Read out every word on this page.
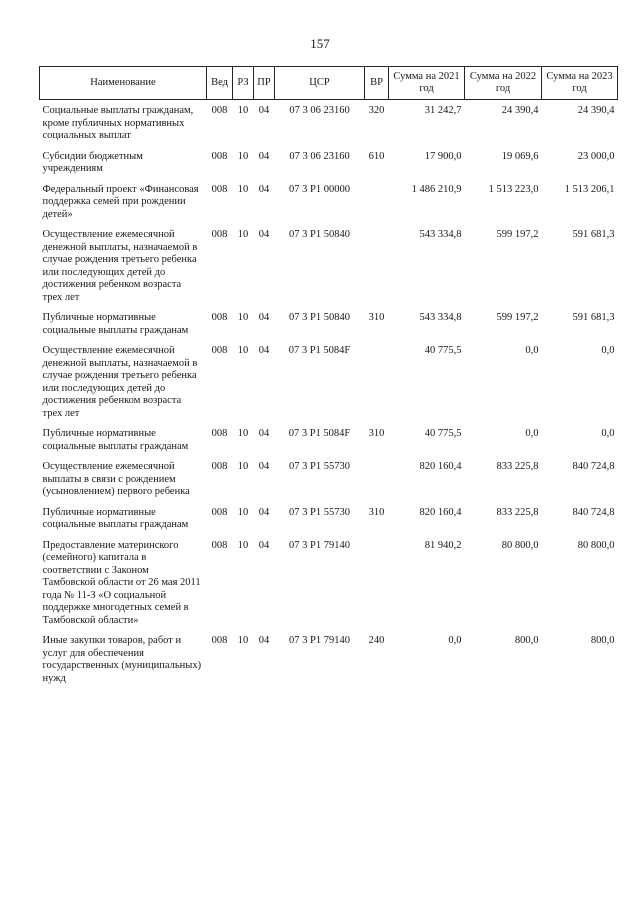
157
Наименование	Вед	РЗ	ПР	ЦСР	ВР	Сумма на 2021 год	Сумма на 2022 год	Сумма на 2023 год
Социальные выплаты гражданам, кроме публичных нормативных социальных выплат	008	10	04	07 3 06 23160	320	31 242,7	24 390,4	24 390,4
Субсидии бюджетным учреждениям	008	10	04	07 3 06 23160	610	17 900,0	19 069,6	23 000,0
Федеральный проект «Финансовая поддержка семей при рождении детей»	008	10	04	07 3 P1 00000		1 486 210,9	1 513 223,0	1 513 206,1
Осуществление ежемесячной денежной выплаты, назначаемой в случае рождения третьего ребенка или последующих детей до достижения ребенком возраста трех лет	008	10	04	07 3 P1 50840		543 334,8	599 197,2	591 681,3
Публичные нормативные социальные выплаты гражданам	008	10	04	07 3 P1 50840	310	543 334,8	599 197,2	591 681,3
Осуществление ежемесячной денежной выплаты, назначаемой в случае рождения третьего ребенка или последующих детей до достижения ребенком возраста трех лет	008	10	04	07 3 P1 5084F		40 775,5	0,0	0,0
Публичные нормативные социальные выплаты гражданам	008	10	04	07 3 P1 5084F	310	40 775,5	0,0	0,0
Осуществление ежемесячной выплаты в связи с рождением (усыновлением) первого ребенка	008	10	04	07 3 P1 55730		820 160,4	833 225,8	840 724,8
Публичные нормативные социальные выплаты гражданам	008	10	04	07 3 P1 55730	310	820 160,4	833 225,8	840 724,8
Предоставление материнского (семейного) капитала в соответствии с Законом Тамбовской области от 26 мая 2011 года № 11-З «О социальной поддержке многодетных семей в Тамбовской области»	008	10	04	07 3 P1 79140		81 940,2	80 800,0	80 800,0
Иные закупки товаров, работ и услуг для обеспечения государственных (муниципальных) нужд	008	10	04	07 3 P1 79140	240	0,0	800,0	800,0
